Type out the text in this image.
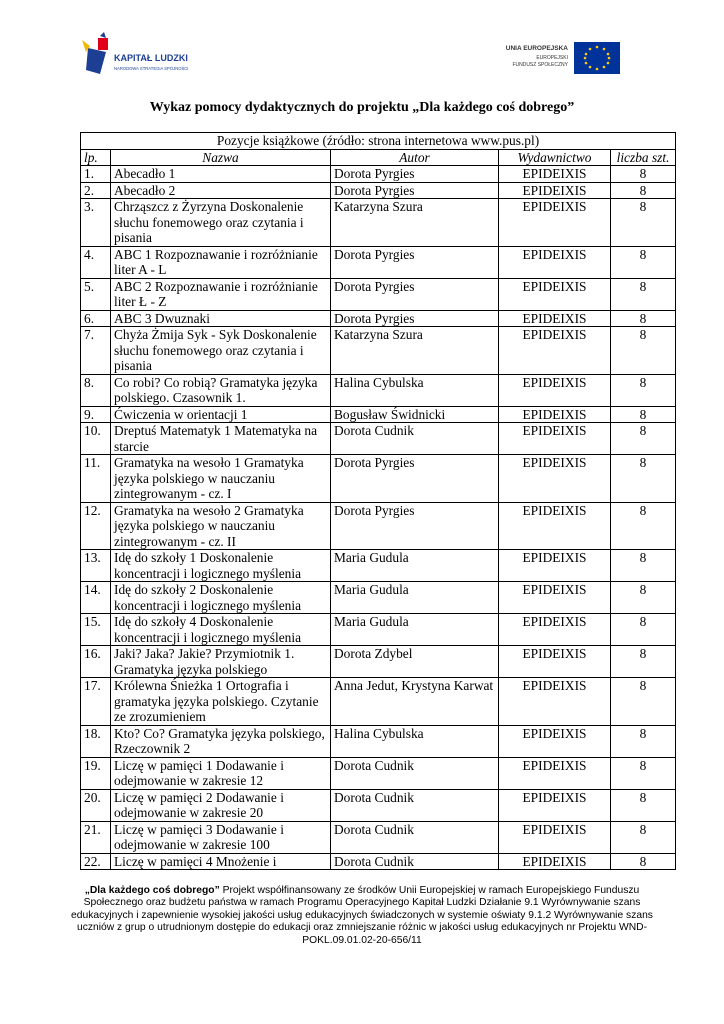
KAPITAŁ LUDZKI
NARODOWA STRATEGIA SPÓJNOŚCI
UNIA EUROPEJSKA
EUROPEJSKI
FUNDUSZ SPOŁECZNY
Wykaz pomocy dydaktycznych do projektu „Dla każdego coś dobrego”
Pozycje książkowe (źródło: strona internetowa www.pus.pl)				
lp.	Nazwa	Autor	Wydawnictwo	liczba szt.
1.	Abecadło 1	Dorota Pyrgies	EPIDEIXIS	8
2.	Abecadło 2	Dorota Pyrgies	EPIDEIXIS	8
3.	Chrząszcz z Żyrzyna Doskonalenie słuchu fonemowego oraz czytania i pisania	Katarzyna Szura	EPIDEIXIS	8
4.	ABC 1 Rozpoznawanie i rozróżnianie liter A - L	Dorota Pyrgies	EPIDEIXIS	8
5.	ABC 2 Rozpoznawanie i rozróżnianie liter Ł - Z	Dorota Pyrgies	EPIDEIXIS	8
6.	ABC 3 Dwuznaki	Dorota Pyrgies	EPIDEIXIS	8
7.	Chyża Żmija Syk - Syk Doskonalenie słuchu fonemowego oraz czytania i pisania	Katarzyna Szura	EPIDEIXIS	8
8.	Co robi? Co robią? Gramatyka języka polskiego. Czasownik 1.	Halina Cybulska	EPIDEIXIS	8
9.	Ćwiczenia w orientacji 1	Bogusław Świdnicki	EPIDEIXIS	8
10.	Dreptuś Matematyk 1 Matematyka na starcie	Dorota Cudnik	EPIDEIXIS	8
11.	Gramatyka na wesoło 1 Gramatyka języka polskiego w nauczaniu zintegrowanym - cz. I	Dorota Pyrgies	EPIDEIXIS	8
12.	Gramatyka na wesoło 2 Gramatyka języka polskiego w nauczaniu zintegrowanym - cz. II	Dorota Pyrgies	EPIDEIXIS	8
13.	Idę do szkoły 1 Doskonalenie koncentracji i logicznego myślenia	Maria Gudula	EPIDEIXIS	8
14.	Idę do szkoły 2 Doskonalenie koncentracji i logicznego myślenia	Maria Gudula	EPIDEIXIS	8
15.	Idę do szkoły 4 Doskonalenie koncentracji i logicznego myślenia	Maria Gudula	EPIDEIXIS	8
16.	Jaki? Jaka? Jakie? Przymiotnik 1. Gramatyka języka polskiego	Dorota Zdybel	EPIDEIXIS	8
17.	Królewna Śnieżka 1 Ortografia i gramatyka języka polskiego. Czytanie ze zrozumieniem	Anna Jedut, Krystyna Karwat	EPIDEIXIS	8
18.	Kto? Co? Gramatyka języka polskiego, Rzeczownik 2	Halina Cybulska	EPIDEIXIS	8
19.	Liczę w pamięci 1 Dodawanie i odejmowanie w zakresie 12	Dorota Cudnik	EPIDEIXIS	8
20.	Liczę w pamięci 2 Dodawanie i odejmowanie w zakresie 20	Dorota Cudnik	EPIDEIXIS	8
21.	Liczę w pamięci 3 Dodawanie i odejmowanie w zakresie 100	Dorota Cudnik	EPIDEIXIS	8
22.	Liczę w pamięci 4 Mnożenie i	Dorota Cudnik	EPIDEIXIS	8
„Dla każdego coś dobrego” Projekt współfinansowany ze środków Unii Europejskiej w ramach Europejskiego Funduszu Społecznego oraz budżetu państwa w ramach Programu Operacyjnego Kapitał Ludzki Działanie 9.1 Wyrównywanie szans edukacyjnych i zapewnienie wysokiej jakości usług edukacyjnych świadczonych w systemie oświaty 9.1.2 Wyrównywanie szans uczniów z grup o utrudnionym dostępie do edukacji oraz zmniejszanie różnic w jakości usług edukacyjnych nr Projektu WND-POKL.09.01.02-20-656/11
